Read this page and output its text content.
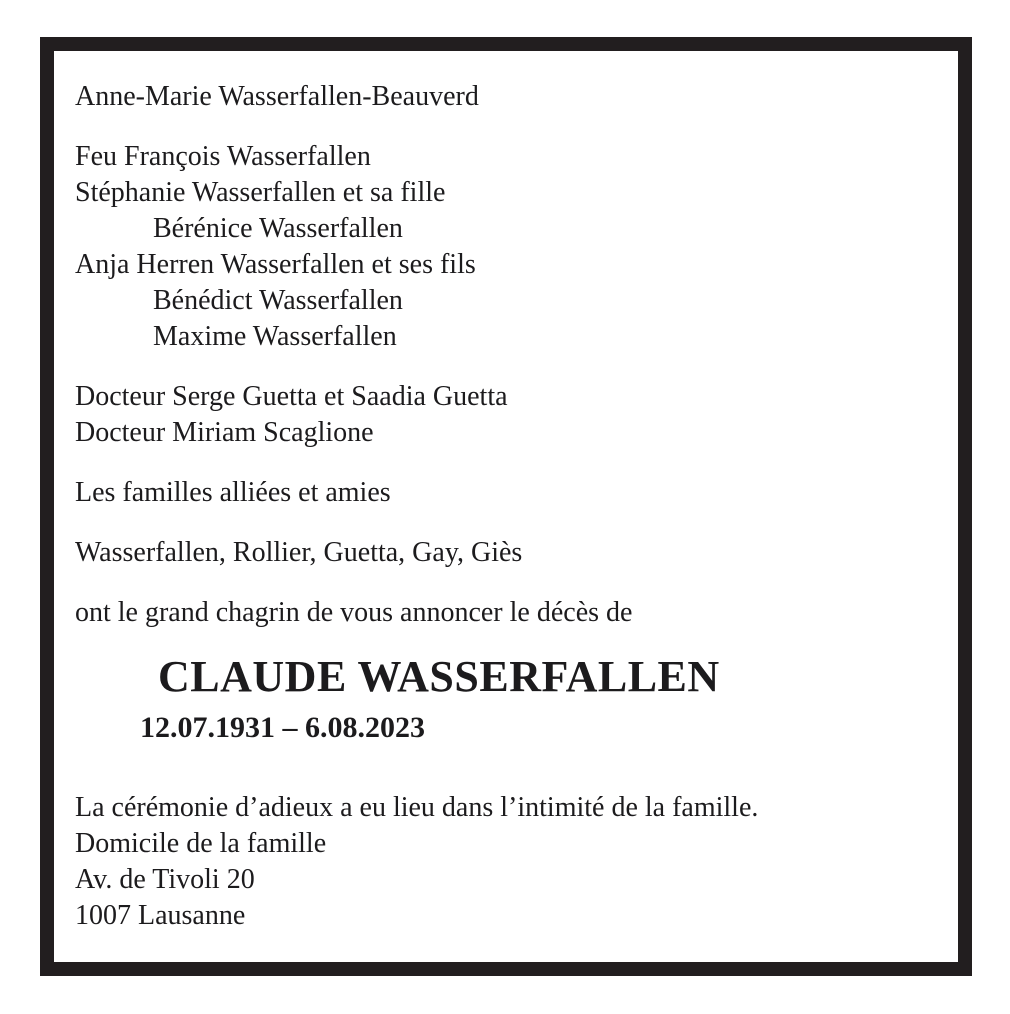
Anne-Marie Wasserfallen-Beauverd
Feu François Wasserfallen
Stéphanie Wasserfallen et sa fille
Bérénice Wasserfallen
Anja Herren Wasserfallen et ses fils
Bénédict Wasserfallen
Maxime Wasserfallen
Docteur Serge Guetta et Saadia Guetta
Docteur Miriam Scaglione
Les familles alliées et amies
Wasserfallen, Rollier, Guetta, Gay, Giès
ont le grand chagrin de vous annoncer le décès de
CLAUDE WASSERFALLEN
12.07.1931 – 6.08.2023
La cérémonie d’adieux a eu lieu dans l’intimité de la famille.
Domicile de la famille
Av. de Tivoli 20
1007 Lausanne
